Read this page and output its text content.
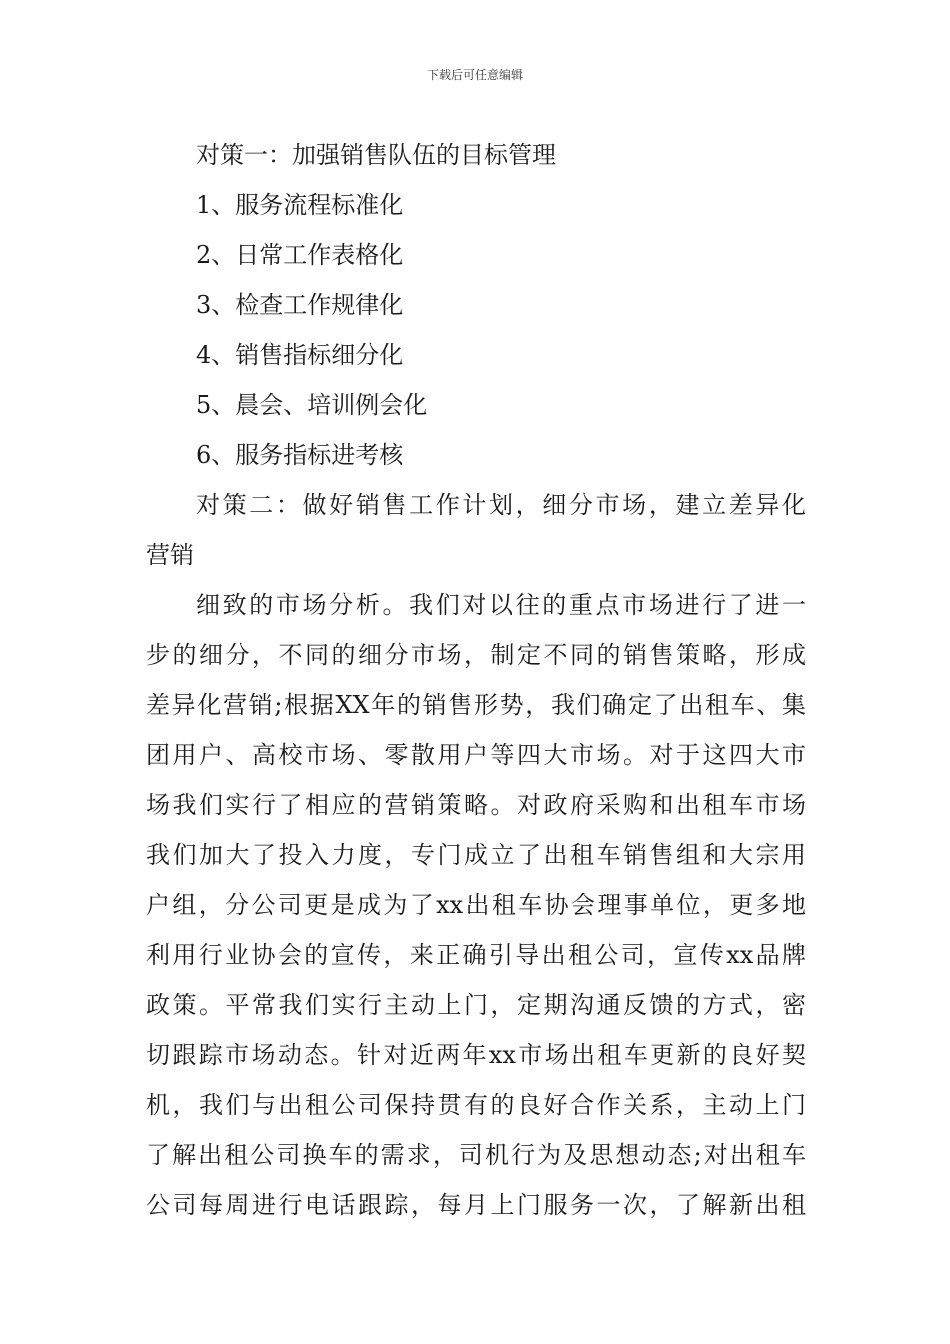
下载后可任意编辑
对策一：加强销售队伍的目标管理
1、服务流程标准化
2、日常工作表格化
3、检查工作规律化
4、销售指标细分化
5、晨会、培训例会化
6、服务指标进考核
对策二：做好销售工作计划，细分市场，建立差异化
营销
细致的市场分析。我们对以往的重点市场进行了进一
步的细分，不同的细分市场，制定不同的销售策略，形成
差异化营销;根据XX年的销售形势，我们确定了出租车、集
团用户、高校市场、零散用户等四大市场。对于这四大市
场我们实行了相应的营销策略。对政府采购和出租车市场
我们加大了投入力度，专门成立了出租车销售组和大宗用
户组，分公司更是成为了xx出租车协会理事单位，更多地
利用行业协会的宣传，来正确引导出租公司，宣传xx品牌
政策。平常我们实行主动上门，定期沟通反馈的方式，密
切跟踪市场动态。针对近两年xx市场出租车更新的良好契
机，我们与出租公司保持贯有的良好合作关系，主动上门
了解出租公司换车的需求，司机行为及思想动态;对出租车
公司每周进行电话跟踪，每月上门服务一次，了解新出租
